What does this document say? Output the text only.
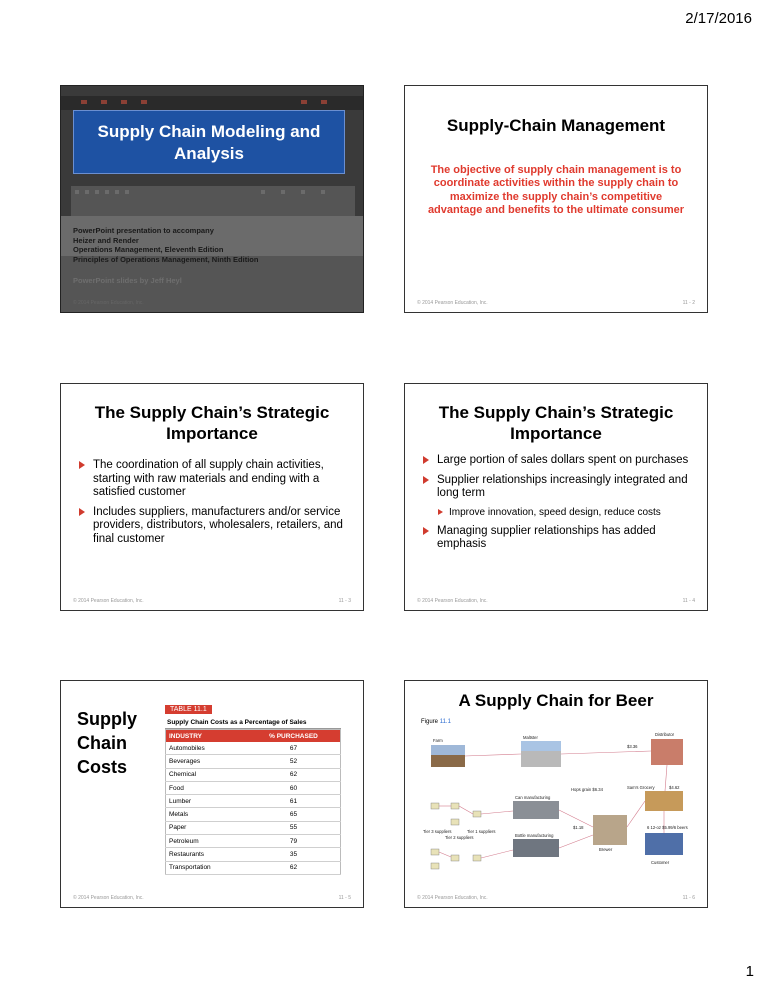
2/17/2016
Supply Chain Modeling and Analysis
PowerPoint presentation to accompany
Heizer and Render
Operations Management, Eleventh Edition
Principles of Operations Management, Ninth Edition
PowerPoint slides by Jeff Heyl
© 2014 Pearson Education, Inc.
Supply-Chain Management
The objective of supply chain management is to coordinate activities within the supply chain to maximize the supply chain’s competitive advantage and benefits to the ultimate consumer
© 2014 Pearson Education, Inc.	11 - 2
The Supply Chain’s Strategic Importance
The coordination of all supply chain activities, starting with raw materials and ending with a satisfied customer
Includes suppliers, manufacturers and/or service providers, distributors, wholesalers, retailers, and final customer
© 2014 Pearson Education, Inc.	11 - 3
The Supply Chain’s Strategic Importance
Large portion of sales dollars spent on purchases
Supplier relationships increasingly integrated and long term
Improve innovation, speed design, reduce costs
Managing supplier relationships has added emphasis
© 2014 Pearson Education, Inc.	11 - 4
Supply Chain Costs
TABLE 11.1
Supply Chain Costs as a Percentage of Sales
INDUSTRY	% PURCHASED
Automobiles	67
Beverages	52
Chemical	62
Food	60
Lumber	61
Metals	65
Paper	55
Petroleum	79
Restaurants	35
Transportation	62
© 2014 Pearson Education, Inc.	11 - 5
A Supply Chain for Beer
Figure 11.1
Farm
Maltster
Distributor
$3.36
Can manufacturing
Bottle manufacturing
Brewer
Sam's Grocery	$4.62
6 12-oz $5.99/6 beers
Customer
Hops grain $6.34
$1.18
Tier 3 suppliers
Tier 2 suppliers
Tier 1 suppliers
© 2014 Pearson Education, Inc.	11 - 6
1
